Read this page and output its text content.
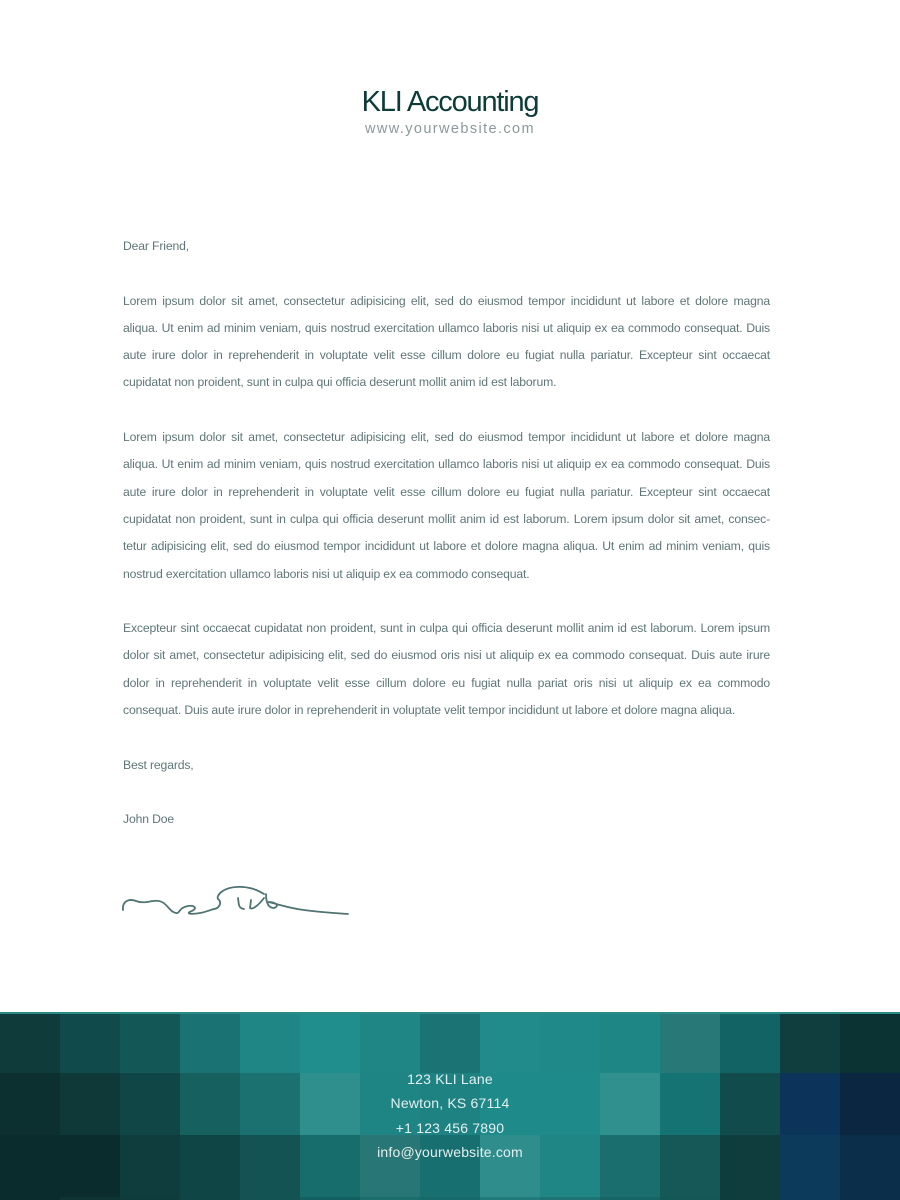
KLI Accounting
www.yourwebsite.com

Dear Friend,

Lorem ipsum dolor sit amet, consectetur adipisicing elit, sed do eiusmod tempor incididunt ut labore et dolore magna aliqua. Ut enim ad minim veniam, quis nostrud exercitation ullamco laboris nisi ut aliquip ex ea commodo consequat. Duis aute irure dolor in reprehenderit in voluptate velit esse cillum dolore eu fugiat nulla pariatur. Excepteur sint occaecat cupidatat non proident, sunt in culpa qui officia deserunt mollit anim id est laborum.

Lorem ipsum dolor sit amet, consectetur adipisicing elit, sed do eiusmod tempor incididunt ut labore et dolore magna aliqua. Ut enim ad minim veniam, quis nostrud exercitation ullamco laboris nisi ut aliquip ex ea commodo consequat. Duis aute irure dolor in reprehenderit in voluptate velit esse cillum dolore eu fugiat nulla pariatur. Excepteur sint occaecat cupidatat non proident, sunt in culpa qui officia deserunt mollit anim id est laborum. Lorem ipsum dolor sit amet, consec-tetur adipisicing elit, sed do eiusmod tempor incididunt ut labore et dolore magna aliqua. Ut enim ad minim veniam, quis nostrud exercitation ullamco laboris nisi ut aliquip ex ea commodo consequat.

Excepteur sint occaecat cupidatat non proident, sunt in culpa qui officia deserunt mollit anim id est laborum. Lorem ipsum dolor sit amet, consectetur adipisicing elit, sed do eiusmod oris nisi ut aliquip ex ea commodo consequat. Duis aute irure dolor in reprehenderit in voluptate velit esse cillum dolore eu fugiat nulla pariat oris nisi ut aliquip ex ea commodo consequat. Duis aute irure dolor in reprehenderit in voluptate velit tempor incididunt ut labore et dolore magna aliqua.

Best regards,

John Doe

123 KLI Lane
Newton, KS 67114
+1 123 456 7890
info@yourwebsite.com
